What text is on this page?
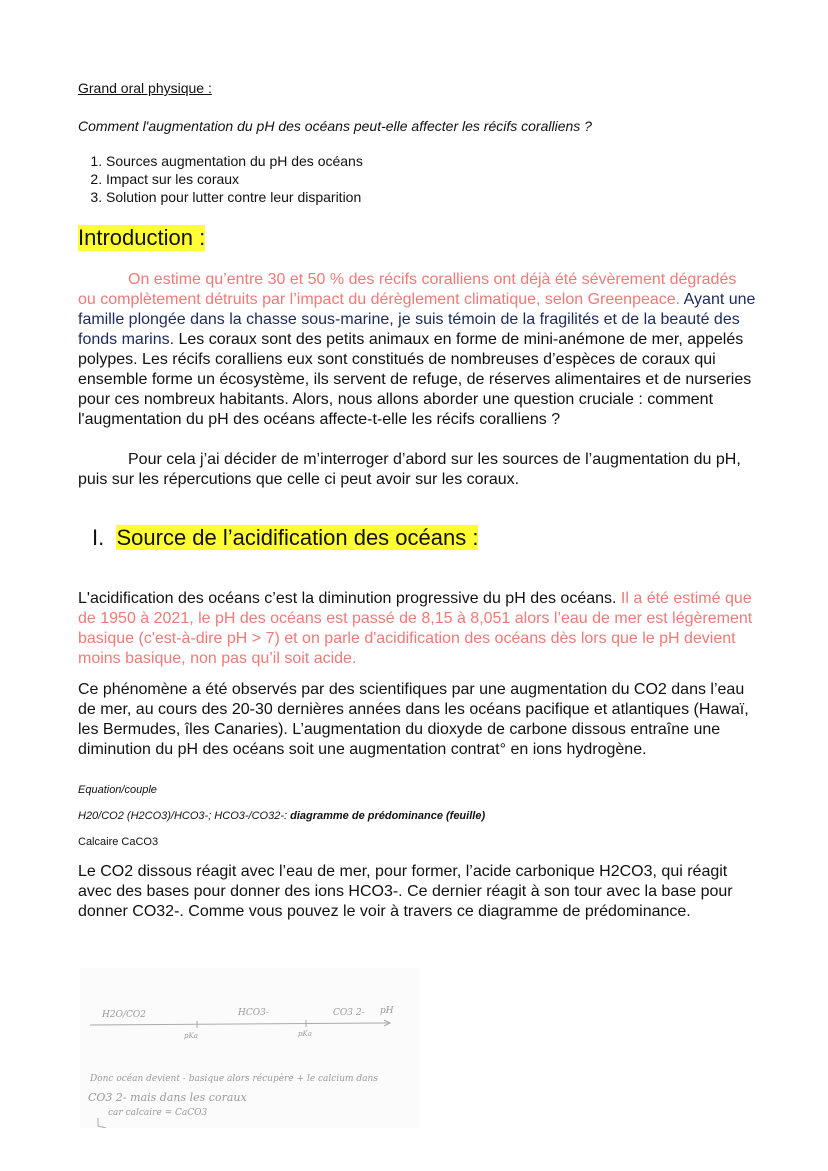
Grand oral physique :
Comment l'augmentation du pH des océans peut-elle affecter les récifs coralliens ?
1. Sources augmentation du pH des océans
2. Impact sur les coraux
3. Solution pour lutter contre leur disparition
Introduction :
On estime qu’entre 30 et 50 % des récifs coralliens ont déjà été sévèrement dégradés ou complètement détruits par l’impact du dérèglement climatique, selon Greenpeace. Ayant une famille plongée dans la chasse sous-marine, je suis témoin de la fragilités et de la beauté des fonds marins. Les coraux sont des petits animaux en forme de mini-anémone de mer, appelés polypes. Les récifs coralliens eux sont constitués de nombreuses d’espèces de coraux qui ensemble forme un écosystème, ils servent de refuge, de réserves alimentaires et de nurseries pour ces nombreux habitants. Alors, nous allons aborder une question cruciale : comment l'augmentation du pH des océans affecte-t-elle les récifs coralliens ?
Pour cela j’ai décider de m’interroger d’abord sur les sources de l’augmentation du pH, puis sur les répercutions que celle ci peut avoir sur les coraux.
I. Source de l’acidification des océans :
L'acidification des océans c’est la diminution progressive du pH des océans. Il a été estimé que de 1950 à 2021, le pH des océans est passé de 8,15 à 8,051 alors l’eau de mer est légèrement basique (c'est-à-dire pH > 7) et on parle d'acidification des océans dès lors que le pH devient moins basique, non pas qu’il soit acide.
Ce phénomène a été observés par des scientifiques par une augmentation du CO2 dans l’eau de mer, au cours des 20-30 dernières années dans les océans pacifique et atlantiques (Hawaï, les Bermudes, îles Canaries). L’augmentation du dioxyde de carbone dissous entraîne une diminution du pH des océans soit une augmentation contrat° en ions hydrogène.
Equation/couple
H20/CO2 (H2CO3)/HCO3-; HCO3-/CO32-: diagramme de prédominance (feuille)
Calcaire CaCO3
Le CO2 dissous réagit avec l’eau de mer, pour former, l’acide carbonique H2CO3, qui réagit avec des bases pour donner des ions HCO3-. Ce dernier réagit à son tour avec la base pour donner CO32-. Comme vous pouvez le voir à travers ce diagramme de prédominance.
H2O/CO2	HCO3-	CO3 2- pH
pKa	pKa
Donc océan devient - basique alors récupère + le calcium dans
CO3 2- mais dans les coraux
car calcaire = CaCO3
